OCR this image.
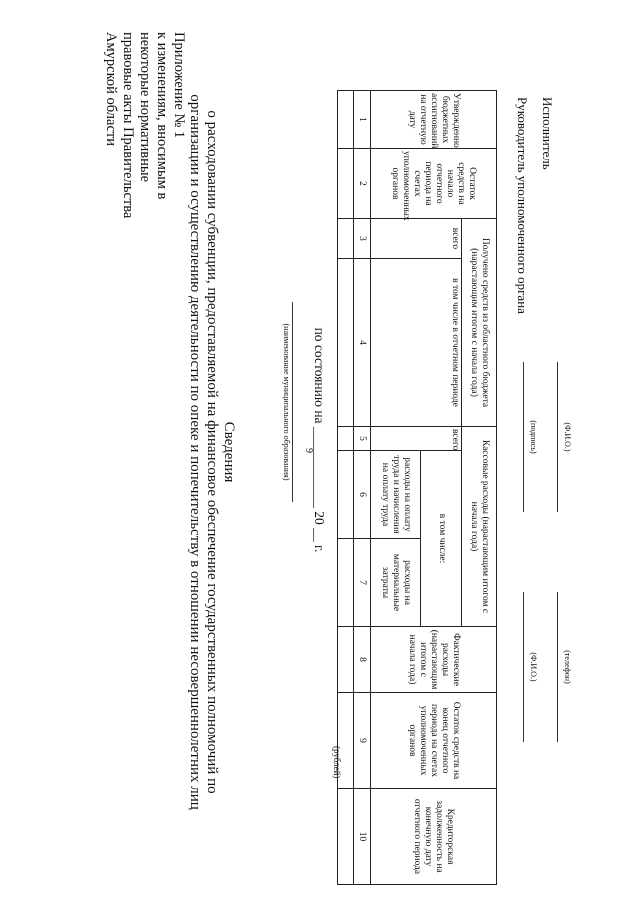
9
Приложение № 1
к изменениям, вносимым в
некоторые нормативные
правовые акты Правительства
Амурской области
Сведения
о расходовании субвенции, предоставляемой на финансовое обеспечение государственных полномочий по
организации и осуществлению деятельности по опеке и попечительству в отношении несовершеннолетних лиц	(наименование муниципального образования) по состоянию на ____________ 20 __ г.
(рублей)
Утвержденно бюджетных ассигнований на отчетную дату	Остаток средств на начало отчетного периода на счетах уполномоченных органов	Получено средств из областного бюджета (нарастающим итогом с начала года)		Кассовые расходы (нарастающим итогом с начала года)			Фактические расходы (нарастающим итогом с начала года)	Остаток средств на конец отчетного периода на счетах уполномоченных органов	Кредиторская задолженность на конечную дату отчетного периода
		всего	в том числе в отчетном периоде	всего	в том числе:				
					расходы на оплату труда и начисления на оплату труда	расходы на материальные затраты			
1	2	3	4	5	6	7	8	9	10

Руководитель уполномоченного органа
(подпись)
(Ф.И.О.)
Исполнитель
(Ф.И.О.)
(телефон)
